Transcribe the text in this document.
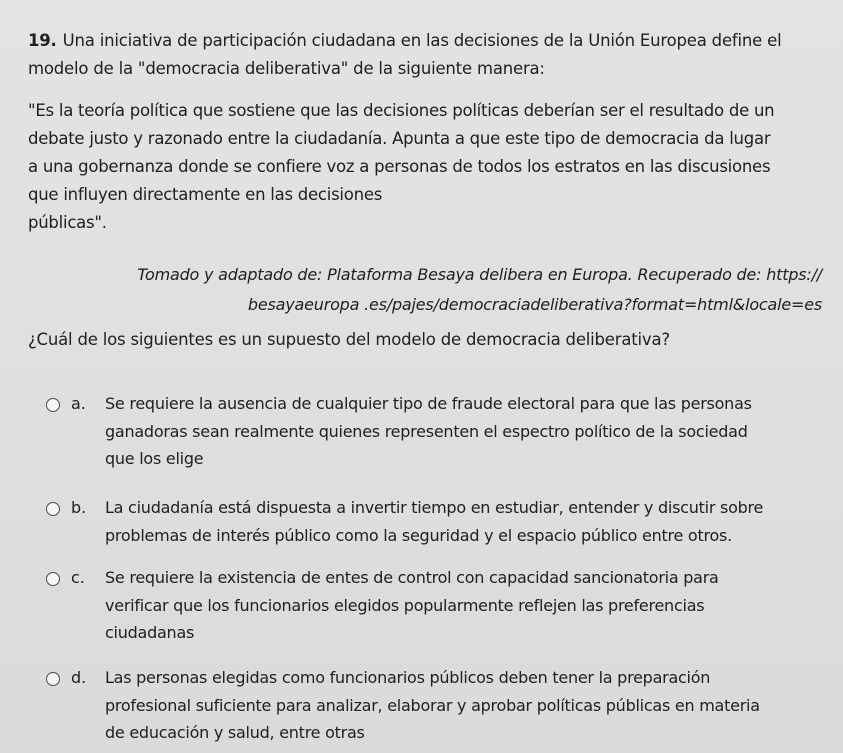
19. Una iniciativa de participación ciudadana en las decisiones de la Unión Europea define el
modelo de la "democracia deliberativa" de la siguiente manera:
"Es la teoría política que sostiene que las decisiones políticas deberían ser el resultado de un
debate justo y razonado entre la ciudadanía. Apunta a que este tipo de democracia da lugar
a una gobernanza donde se confiere voz a personas de todos los estratos en las discusiones
que influyen directamente en las decisiones
públicas".
Tomado y adaptado de: Plataforma Besaya delibera en Europa. Recuperado de: https://
besayaeuropa .es/pajes/democraciadeliberativa?format=html&locale=es
¿Cuál de los siguientes es un supuesto del modelo de democracia deliberativa?
a. Se requiere la ausencia de cualquier tipo de fraude electoral para que las personas
ganadoras sean realmente quienes representen el espectro político de la sociedad
que los elige
b. La ciudadanía está dispuesta a invertir tiempo en estudiar, entender y discutir sobre
problemas de interés público como la seguridad y el espacio público entre otros.
c. Se requiere la existencia de entes de control con capacidad sancionatoria para
verificar que los funcionarios elegidos popularmente reflejen las preferencias
ciudadanas
d. Las personas elegidas como funcionarios públicos deben tener la preparación
profesional suficiente para analizar, elaborar y aprobar políticas públicas en materia
de educación y salud, entre otras
